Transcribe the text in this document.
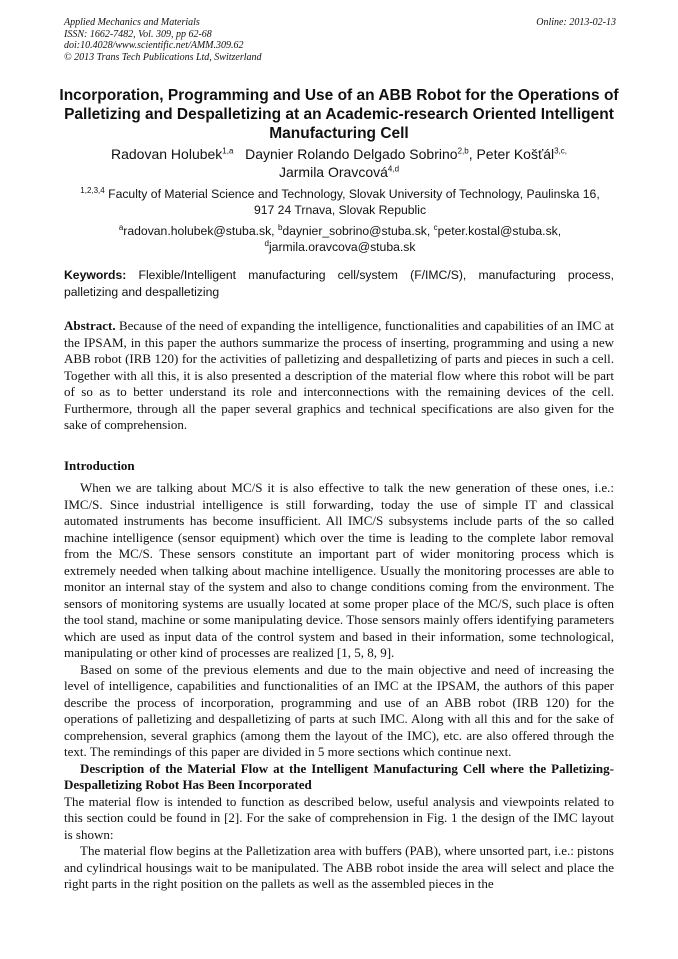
Applied Mechanics and Materials
ISSN: 1662-7482, Vol. 309, pp 62-68
doi:10.4028/www.scientific.net/AMM.309.62
© 2013 Trans Tech Publications Ltd, Switzerland
Online: 2013-02-13
Incorporation, Programming and Use of an ABB Robot for the Operations of Palletizing and Despalletizing at an Academic-research Oriented Intelligent Manufacturing Cell
Radovan Holubek$^{1,a}$ Daynier Rolando Delgado Sobrino$^{2,b}$, Peter Košťál$^{3,c,}$
Jarmila Oravcová$^{4,d}$
$^{1,2,3,4}$ Faculty of Material Science and Technology, Slovak University of Technology, Paulinska 16,
917 24 Trnava, Slovak Republic
$^a$radovan.holubek@stuba.sk, $^b$daynier_sobrino@stuba.sk, $^c$peter.kostal@stuba.sk,
$^d$jarmila.oravcova@stuba.sk
Keywords: Flexible/Intelligent manufacturing cell/system (F/IMC/S), manufacturing process, palletizing and despalletizing

Abstract. Because of the need of expanding the intelligence, functionalities and capabilities of an IMC at the IPSAM, in this paper the authors summarize the process of inserting, programming and using a new ABB robot (IRB 120) for the activities of palletizing and despalletizing of parts and pieces in such a cell. Together with all this, it is also presented a description of the material flow where this robot will be part of so as to better understand its role and interconnections with the remaining devices of the cell. Furthermore, through all the paper several graphics and technical specifications are also given for the sake of comprehension.

Introduction

When we are talking about MC/S it is also effective to talk the new generation of these ones, i.e.: IMC/S. Since industrial intelligence is still forwarding, today the use of simple IT and classical automated instruments has become insufficient. All IMC/S subsystems include parts of the so called machine intelligence (sensor equipment) which over the time is leading to the complete labor removal from the MC/S. These sensors constitute an important part of wider monitoring process which is extremely needed when talking about machine intelligence. Usually the monitoring processes are able to monitor an internal stay of the system and also to change conditions coming from the environment. The sensors of monitoring systems are usually located at some proper place of the MC/S, such place is often the tool stand, machine or some manipulating device. Those sensors mainly offers identifying parameters which are used as input data of the control system and based in their information, some technological, manipulating or other kind of processes are realized [1, 5, 8, 9].

Based on some of the previous elements and due to the main objective and need of increasing the level of intelligence, capabilities and functionalities of an IMC at the IPSAM, the authors of this paper describe the process of incorporation, programming and use of an ABB robot (IRB 120) for the operations of palletizing and despalletizing of parts at such IMC. Along with all this and for the sake of comprehension, several graphics (among them the layout of the IMC), etc. are also offered through the text. The remindings of this paper are divided in 5 more sections which continue next.

Description of the Material Flow at the Intelligent Manufacturing Cell where the Palletizing-Despalletizing Robot Has Been Incorporated

The material flow is intended to function as described below, useful analysis and viewpoints related to this section could be found in [2]. For the sake of comprehension in Fig. 1 the design of the IMC layout is shown:

The material flow begins at the Palletization area with buffers (PAB), where unsorted part, i.e.: pistons and cylindrical housings wait to be manipulated. The ABB robot inside the area will select and place the right parts in the right position on the pallets as well as the assembled pieces in the
